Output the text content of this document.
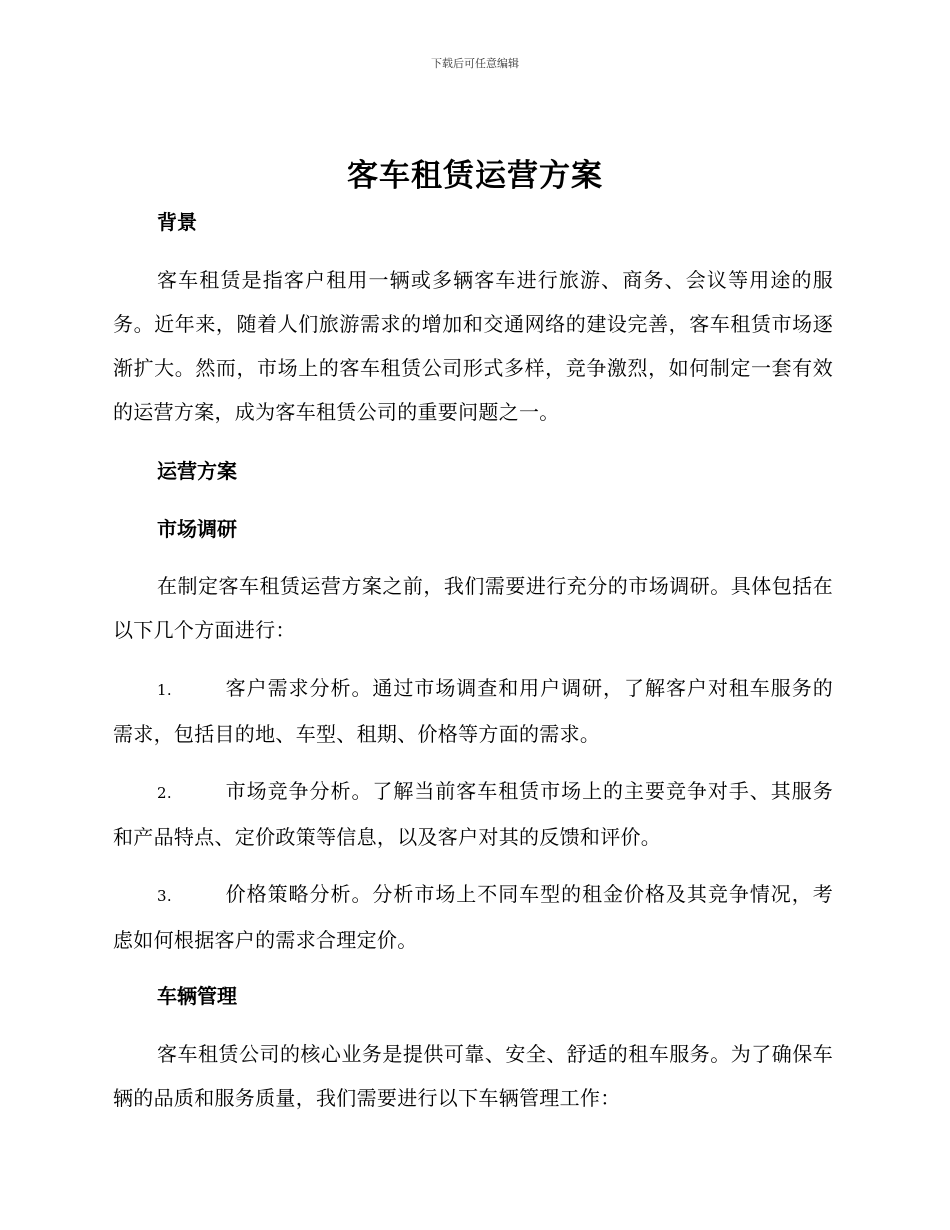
下载后可任意编辑
客车租赁运营方案
背景
客车租赁是指客户租用一辆或多辆客车进行旅游、商务、会议等用途的服务。近年来，随着人们旅游需求的增加和交通网络的建设完善，客车租赁市场逐渐扩大。然而，市场上的客车租赁公司形式多样，竞争激烈，如何制定一套有效的运营方案，成为客车租赁公司的重要问题之一。
运营方案
市场调研
在制定客车租赁运营方案之前，我们需要进行充分的市场调研。具体包括在以下几个方面进行：
1.	客户需求分析。通过市场调查和用户调研，了解客户对租车服务的需求，包括目的地、车型、租期、价格等方面的需求。
2.	市场竞争分析。了解当前客车租赁市场上的主要竞争对手、其服务和产品特点、定价政策等信息，以及客户对其的反馈和评价。
3.	价格策略分析。分析市场上不同车型的租金价格及其竞争情况，考虑如何根据客户的需求合理定价。
车辆管理
客车租赁公司的核心业务是提供可靠、安全、舒适的租车服务。为了确保车辆的品质和服务质量，我们需要进行以下车辆管理工作：
